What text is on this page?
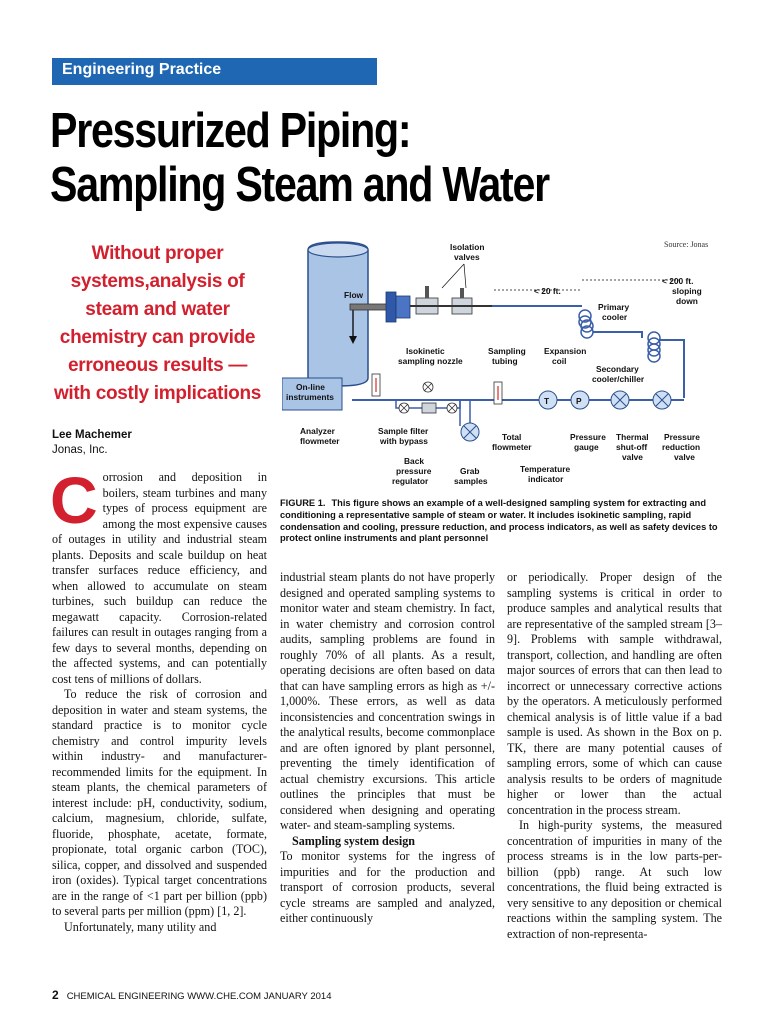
Engineering Practice
Pressurized Piping:
Sampling Steam and Water
Without proper systems,analysis of steam and water chemistry can provide erroneous results — with costly implications
Lee Machemer
Jonas, Inc.
Source: Jonas
Flow
Isolation
valves
< 20 ft.
< 200 ft.
sloping
down
Primary
cooler
Isokinetic
sampling nozzle
Sampling
tubing
Expansion
coil
Secondary
cooler/chiller
On-line
instruments
Analyzer
flowmeter
Sample filter
with bypass
Back
pressure
regulator
Grab
samples
Total
flowmeter
T	P
Temperature
indicator
Pressure
gauge
Thermal
shut-off
valve
Pressure
reduction
valve
FIGURE 1. This figure shows an example of a well-designed sampling system for extracting and conditioning a representative sample of steam or water. It includes isokinetic sampling, rapid condensation and cooling, pressure reduction, and process indicators, as well as safety devices to protect online instruments and plant personnel
C orrosion and deposition in boilers, steam turbines and many types of process equipment are among the most expensive causes of outages in utility and industrial steam plants. Deposits and scale buildup on heat transfer surfaces reduce efficiency, and when allowed to accumulate on steam turbines, such buildup can reduce the megawatt capacity. Corrosion-related failures can result in outages ranging from a few days to several months, depending on the affected systems, and can potentially cost tens of millions of dollars.

To reduce the risk of corrosion and deposition in water and steam systems, the standard practice is to monitor cycle chemistry and control impurity levels within industry- and manufacturer-recommended limits for the equipment. In steam plants, the chemical parameters of interest include: pH, conductivity, sodium, calcium, magnesium, chloride, sulfate, fluoride, phosphate, acetate, formate, propionate, total organic carbon (TOC), silica, copper, and dissolved and suspended iron (oxides). Typical target concentrations are in the range of <1 part per billion (ppb) to several parts per million (ppm) [1, 2].

Unfortunately, many utility and

industrial steam plants do not have properly designed and operated sampling systems to monitor water and steam chemistry. In fact, in water chemistry and corrosion control audits, sampling problems are found in roughly 70% of all plants. As a result, operating decisions are often based on data that can have sampling errors as high as +/- 1,000%. These errors, as well as data inconsistencies and concentration swings in the analytical results, become commonplace and are often ignored by plant personnel, preventing the timely identification of actual chemistry excursions. This article outlines the principles that must be considered when designing and operating water- and steam-sampling systems.

Sampling system design

To monitor systems for the ingress of impurities and for the production and transport of corrosion products, several cycle streams are sampled and analyzed, either continuously

or periodically. Proper design of the sampling systems is critical in order to produce samples and analytical results that are representative of the sampled stream [3–9]. Problems with sample withdrawal, transport, collection, and handling are often major sources of errors that can then lead to incorrect or unnecessary corrective actions by the operators. A meticulously performed chemical analysis is of little value if a bad sample is used. As shown in the Box on p. TK, there are many potential causes of sampling errors, some of which can cause analysis results to be orders of magnitude higher or lower than the actual concentration in the process stream.

In high-purity systems, the measured concentration of impurities in many of the process streams is in the low parts-per-billion (ppb) range. At such low concentrations, the fluid being extracted is very sensitive to any deposition or chemical reactions within the sampling system. The extraction of non-representa-

2 CHEMICAL ENGINEERING WWW.CHE.COM JANUARY 2014
